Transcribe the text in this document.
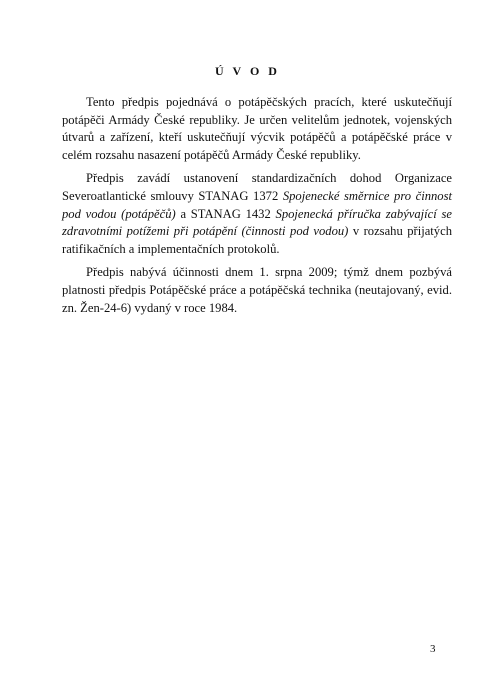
Ú V O D

Tento předpis pojednává o potápěčských pracích, které uskutečňují potápěči Armády České republiky. Je určen velitelům jednotek, vojenských útvarů a zařízení, kteří uskutečňují výcvik potápěčů a potápěčské práce v celém rozsahu nasazení potápěčů Armády České republiky.

Předpis zavádí ustanovení standardizačních dohod Organizace Severoatlantické smlouvy STANAG 1372 Spojenecké směrnice pro činnost pod vodou (potápěčů) a STANAG 1432 Spojenecká příručka zabývající se zdravotními potížemi při potápění (činnosti pod vodou) v rozsahu přijatých ratifikačních a implementačních protokolů.

Předpis nabývá účinnosti dnem 1. srpna 2009; týmž dnem pozbývá platnosti předpis Potápěčské práce a potápěčská technika (neutajovaný, evid. zn. Žen-24-6) vydaný v roce 1984.

3
